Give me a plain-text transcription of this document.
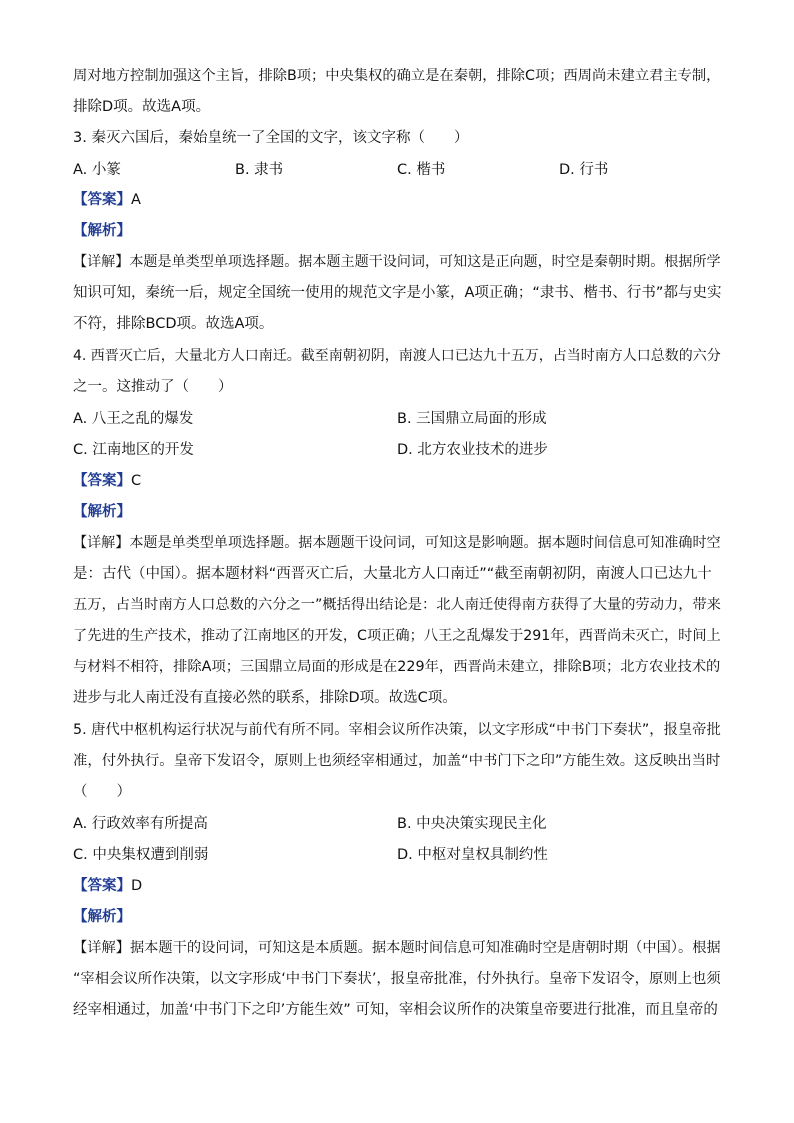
周对地方控制加强这个主旨，排除B项；中央集权的确立是在秦朝，排除C项；西周尚未建立君主专制，
排除D项。故选A项。
3. 秦灭六国后，秦始皇统一了全国的文字，该文字称（　　）
A. 小篆	B. 隶书	C. 楷书	D. 行书
【答案】A
【解析】
【详解】本题是单类型单项选择题。据本题主题干设问词，可知这是正向题，时空是秦朝时期。根据所学
知识可知，秦统一后，规定全国统一使用的规范文字是小篆，A项正确；“隶书、楷书、行书”都与史实
不符，排除BCD项。故选A项。
4. 西晋灭亡后，大量北方人口南迁。截至南朝初阴，南渡人口已达九十五万，占当时南方人口总数的六分
之一。这推动了（　　）
A. 八王之乱的爆发	B. 三国鼎立局面的形成
C. 江南地区的开发	D. 北方农业技术的进步
【答案】C
【解析】
【详解】本题是单类型单项选择题。据本题题干设问词，可知这是影响题。据本题时间信息可知准确时空
是：古代（中国）。据本题材料“西晋灭亡后，大量北方人口南迁”“截至南朝初阴，南渡人口已达九十
五万，占当时南方人口总数的六分之一”概括得出结论是：北人南迁使得南方获得了大量的劳动力，带来
了先进的生产技术，推动了江南地区的开发，C项正确；八王之乱爆发于291年，西晋尚未灭亡，时间上
与材料不相符，排除A项；三国鼎立局面的形成是在229年，西晋尚未建立，排除B项；北方农业技术的
进步与北人南迁没有直接必然的联系，排除D项。故选C项。
5. 唐代中枢机构运行状况与前代有所不同。宰相会议所作决策，以文字形成“中书门下奏状”，报皇帝批
准，付外执行。皇帝下发诏令，原则上也须经宰相通过，加盖“中书门下之印”方能生效。这反映出当时
（　　）
A. 行政效率有所提高	B. 中央决策实现民主化
C. 中央集权遭到削弱	D. 中枢对皇权具制约性
【答案】D
【解析】
【详解】据本题干的设问词，可知这是本质题。据本题时间信息可知准确时空是唐朝时期（中国）。根据
“宰相会议所作决策，以文字形成‘中书门下奏状’，报皇帝批准，付外执行。皇帝下发诏令，原则上也须
经宰相通过，加盖‘中书门下之印’方能生效” 可知，宰相会议所作的决策皇帝要进行批准，而且皇帝的
